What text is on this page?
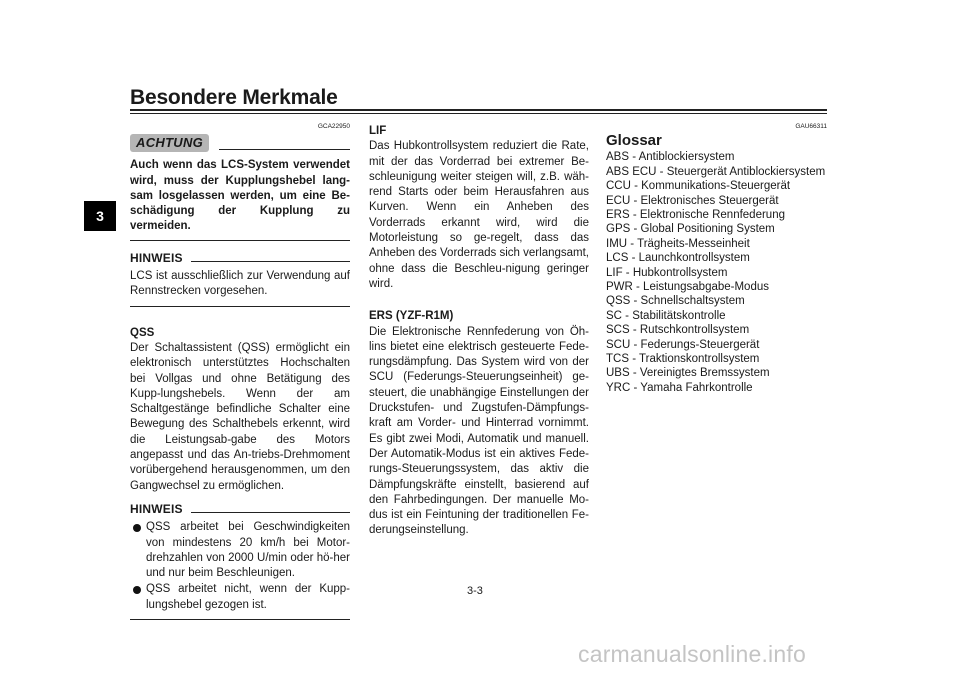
Besondere Merkmale
3
GCA22950
ACHTUNG
Auch wenn das LCS-System verwendet wird, muss der Kupplungshebel lang-sam losgelassen werden, um eine Be-schädigung der Kupplung zu vermeiden.
HINWEIS
LCS ist ausschließlich zur Verwendung auf Rennstrecken vorgesehen.
QSS
Der Schaltassistent (QSS) ermöglicht ein elektronisch unterstütztes Hochschalten bei Vollgas und ohne Betätigung des Kupp-lungshebels. Wenn der am Schaltgestänge befindliche Schalter eine Bewegung des Schalthebels erkennt, wird die Leistungsab-gabe des Motors angepasst und das An-triebs-Drehmoment vorübergehend herausgenommen, um den Gangwechsel zu ermöglichen.
HINWEIS
QSS arbeitet bei Geschwindigkeiten von mindestens 20 km/h bei Motor-drehzahlen von 2000 U/min oder hö-her und nur beim Beschleunigen.
QSS arbeitet nicht, wenn der Kupp-lungshebel gezogen ist.
LIF
Das Hubkontrollsystem reduziert die Rate, mit der das Vorderrad bei extremer Be-schleunigung weiter steigen will, z.B. wäh-rend Starts oder beim Herausfahren aus Kurven. Wenn ein Anheben des Vorderrads erkannt wird, wird die Motorleistung so ge-regelt, dass das Anheben des Vorderrads sich verlangsamt, ohne dass die Beschleu-nigung geringer wird.
ERS (YZF-R1M)
Die Elektronische Rennfederung von Öh-lins bietet eine elektrisch gesteuerte Fede-rungsdämpfung. Das System wird von der SCU (Federungs-Steuerungseinheit) ge-steuert, die unabhängige Einstellungen der Druckstufen- und Zugstufen-Dämpfungs-kraft am Vorder- und Hinterrad vornimmt. Es gibt zwei Modi, Automatik und manuell. Der Automatik-Modus ist ein aktives Fede-rungs-Steuerungssystem, das aktiv die Dämpfungskräfte einstellt, basierend auf den Fahrbedingungen. Der manuelle Mo-dus ist ein Feintuning der traditionellen Fe-derungseinstellung.
GAU66311
Glossar
ABS - Antiblockiersystem
ABS ECU - Steuergerät Antiblockiersystem
CCU - Kommunikations-Steuergerät
ECU - Elektronisches Steuergerät
ERS - Elektronische Rennfederung
GPS - Global Positioning System
IMU - Trägheits-Messeinheit
LCS - Launchkontrollsystem
LIF - Hubkontrollsystem
PWR - Leistungsabgabe-Modus
QSS - Schnellschaltsystem
SC - Stabilitätskontrolle
SCS - Rutschkontrollsystem
SCU - Federungs-Steuergerät
TCS - Traktionskontrollsystem
UBS - Vereinigtes Bremssystem
YRC - Yamaha Fahrkontrolle
3-3
carmanualsonline.info
